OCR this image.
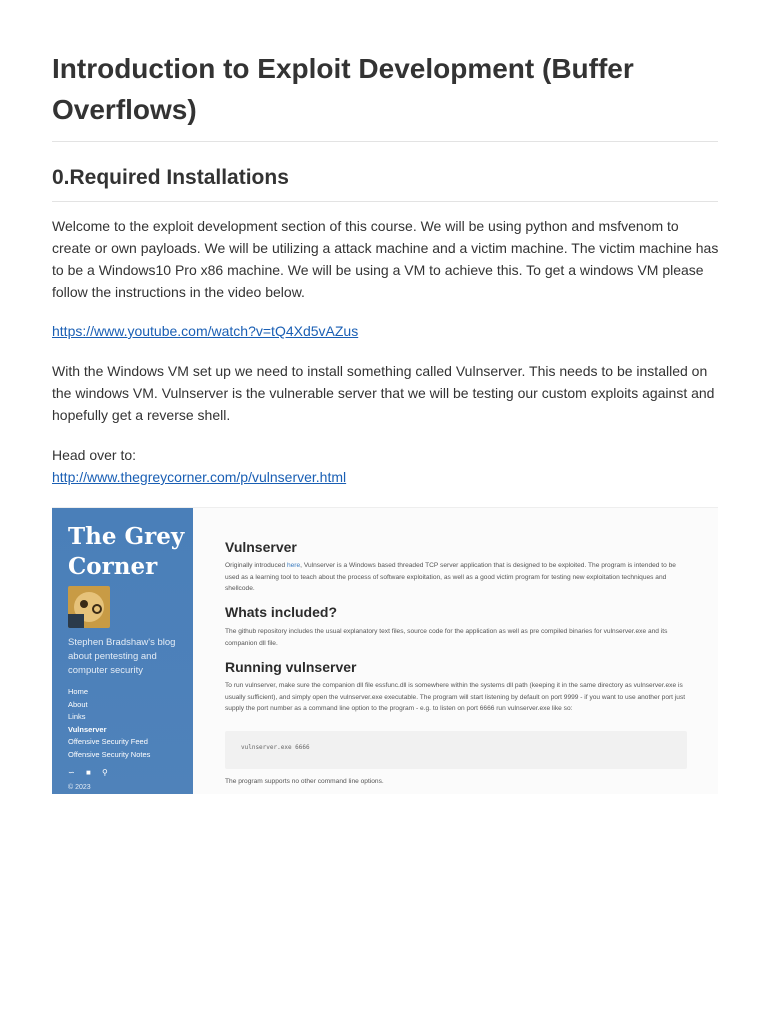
Introduction to Exploit Development (Buffer Overflows)
0.Required Installations

Welcome to the exploit development section of this course. We will be using python and msfvenom to create or own payloads. We will be utilizing a attack machine and a victim machine. The victim machine has to be a Windows10 Pro x86 machine. We will be using a VM to achieve this. To get a windows VM please follow the instructions in the video below.

https://www.youtube.com/watch?v=tQ4Xd5vAZus

With the Windows VM set up we need to install something called Vulnserver. This needs to be installed on the windows VM. Vulnserver is the vulnerable server that we will be testing our custom exploits against and hopefully get a reverse shell.

Head over to:
http://www.thegreycorner.com/p/vulnserver.html

The Grey Corner
Stephen Bradshaw's blog about pentesting and computer security
Home
About
Links
Vulnserver
Offensive Security Feed
Offensive Security Notes
∽ ■ ⚲
© 2023
Vulnserver
Originally introduced here, Vulnserver is a Windows based threaded TCP server application that is designed to be exploited. The program is intended to be used as a learning tool to teach about the process of software exploitation, as well as a good victim program for testing new exploitation techniques and shellcode.
Whats included?
The github repository includes the usual explanatory text files, source code for the application as well as pre compiled binaries for vulnserver.exe and its companion dll file.
Running vulnserver
To run vulnserver, make sure the companion dll file essfunc.dll is somewhere within the systems dll path (keeping it in the same directory as vulnserver.exe is usually sufficient), and simply open the vulnserver.exe executable. The program will start listening by default on port 9999 - if you want to use another port just supply the port number as a command line option to the program - e.g. to listen on port 6666 run vulnserver.exe like so:
vulnserver.exe 6666
The program supports no other command line options.
